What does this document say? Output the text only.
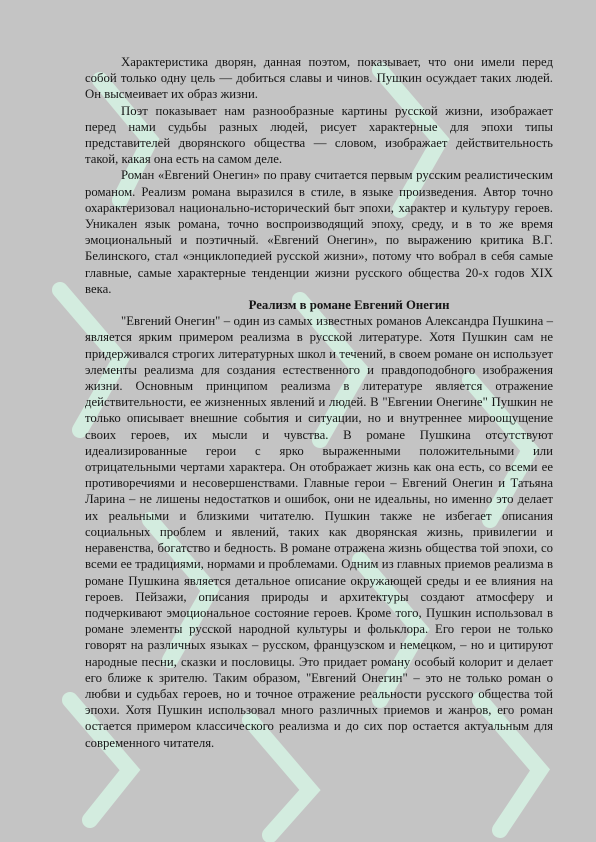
Характеристика дворян, данная поэтом, показывает, что они имели перед собой только одну цель — добиться славы и чинов. Пушкин осуждает таких людей. Он высмеивает их образ жизни.

Поэт показывает нам разнообразные картины русской жизни, изображает перед нами судьбы разных людей, рисует характерные для эпохи типы представителей дворянского общества — словом, изображает действительность такой, какая она есть на самом деле.

Роман «Евгений Онегин» по праву считается первым русским реалистическим романом. Реализм романа выразился в стиле, в языке произведения. Автор точно охарактеризовал национально-исторический быт эпохи, характер и культуру героев. Уникален язык романа, точно воспроизводящий эпоху, среду, и в то же время эмоциональный и поэтичный. «Евгений Онегин», по выражению критика В.Г. Белинского, стал «энциклопедией русской жизни», потому что вобрал в себя самые главные, самые характерные тенденции жизни русского общества 20-х годов XIX века.

Реализм в романе Евгений Онегин

"Евгений Онегин" – один из самых известных романов Александра Пушкина – является ярким примером реализма в русской литературе. Хотя Пушкин сам не придерживался строгих литературных школ и течений, в своем романе он использует элементы реализма для создания естественного и правдоподобного изображения жизни. Основным принципом реализма в литературе является отражение действительности, ее жизненных явлений и людей. В "Евгении Онегине" Пушкин не только описывает внешние события и ситуации, но и внутреннее мироощущение своих героев, их мысли и чувства. В романе Пушкина отсутствуют идеализированные герои с ярко выраженными положительными или отрицательными чертами характера. Он отображает жизнь как она есть, со всеми ее противоречиями и несовершенствами. Главные герои – Евгений Онегин и Татьяна Ларина – не лишены недостатков и ошибок, они не идеальны, но именно это делает их реальными и близкими читателю. Пушкин также не избегает описания социальных проблем и явлений, таких как дворянская жизнь, привилегии и неравенства, богатство и бедность. В романе отражена жизнь общества той эпохи, со всеми ее традициями, нормами и проблемами. Одним из главных приемов реализма в романе Пушкина является детальное описание окружающей среды и ее влияния на героев. Пейзажи, описания природы и архитектуры создают атмосферу и подчеркивают эмоциональное состояние героев. Кроме того, Пушкин использовал в романе элементы русской народной культуры и фольклора. Его герои не только говорят на различных языках – русском, французском и немецком, – но и цитируют народные песни, сказки и пословицы. Это придает роману особый колорит и делает его ближе к зрителю. Таким образом, "Евгений Онегин" – это не только роман о любви и судьбах героев, но и точное отражение реальности русского общества той эпохи. Хотя Пушкин использовал много различных приемов и жанров, его роман остается примером классического реализма и до сих пор остается актуальным для современного читателя.
